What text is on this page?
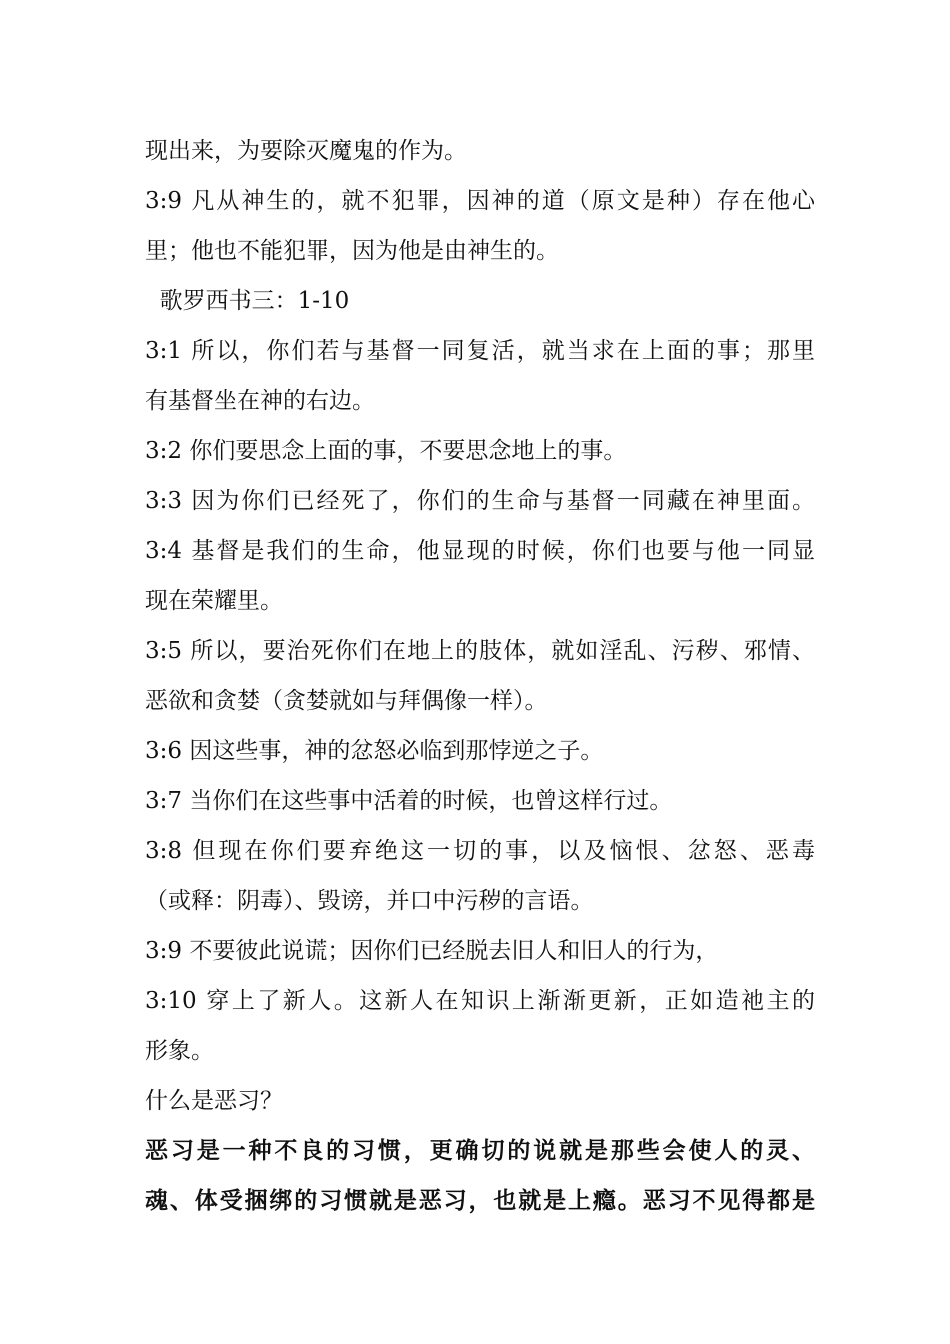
现出来，为要除灭魔鬼的作为。
3:9 凡从神生的，就不犯罪，因神的道（原文是种）存在他心
里；他也不能犯罪，因为他是由神生的。
歌罗西书三：1-10
3:1 所以，你们若与基督一同复活，就当求在上面的事；那里
有基督坐在神的右边。
3:2 你们要思念上面的事，不要思念地上的事。
3:3 因为你们已经死了，你们的生命与基督一同藏在神里面。
3:4 基督是我们的生命，他显现的时候，你们也要与他一同显
现在荣耀里。
3:5 所以，要治死你们在地上的肢体，就如淫乱、污秽、邪情、
恶欲和贪婪（贪婪就如与拜偶像一样）。
3:6 因这些事，神的忿怒必临到那悖逆之子。
3:7 当你们在这些事中活着的时候，也曾这样行过。
3:8 但现在你们要弃绝这一切的事，以及恼恨、忿怒、恶毒
（或释：阴毒）、毁谤，并口中污秽的言语。
3:9 不要彼此说谎；因你们已经脱去旧人和旧人的行为，
3:10 穿上了新人。这新人在知识上渐渐更新，正如造祂主的
形象。
什么是恶习？
恶习是一种不良的习惯，更确切的说就是那些会使人的灵、
魂、体受捆绑的习惯就是恶习，也就是上瘾。恶习不见得都是
